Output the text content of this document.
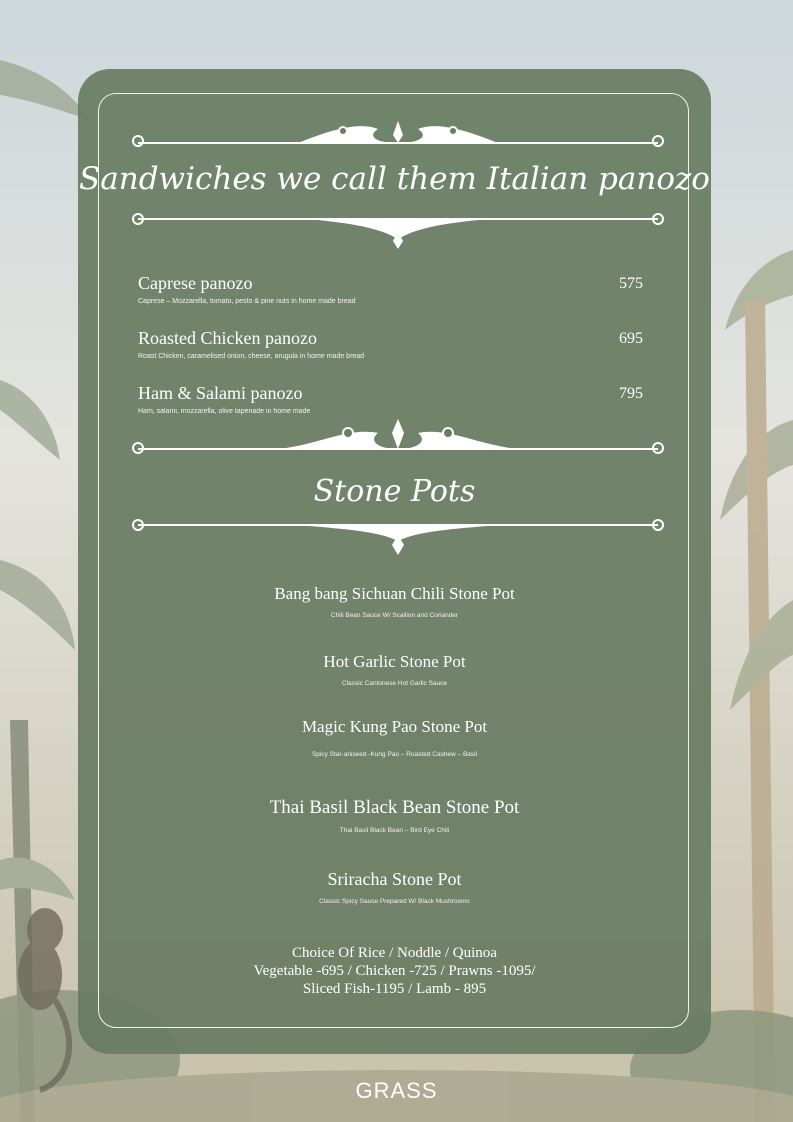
Sandwiches we call them Italian panozo
Caprese panozo
Caprese – Mozzarella, tomato, pesto & pine nuts in home made bread
575
Roasted Chicken panozo
Roast Chicken, caramelised onion, cheese, arugula in home made bread
695
Ham & Salami panozo
Ham, salami, mozzarella, olive tapenade in home made
795
Stone Pots
Bang bang Sichuan Chili Stone Pot
Chili Bean Sauce W/ Scallion and Coriander
Hot Garlic Stone Pot
Classic Cantonese Hot Garlic Sauce
Magic Kung Pao Stone Pot
Spicy Star-aniseed -Kung Pao – Roasted Cashew – Basil
Thai Basil Black Bean Stone Pot
Thai Basil Black Bean – Bird Eye Chili
Sriracha Stone Pot
Classic Spicy Sauce Prepared W/ Black Mushrooms
Choice Of Rice / Noddle / Quinoa
Vegetable -695 / Chicken -725 / Prawns -1095/
Sliced Fish-1195 / Lamb - 895
GRASS
